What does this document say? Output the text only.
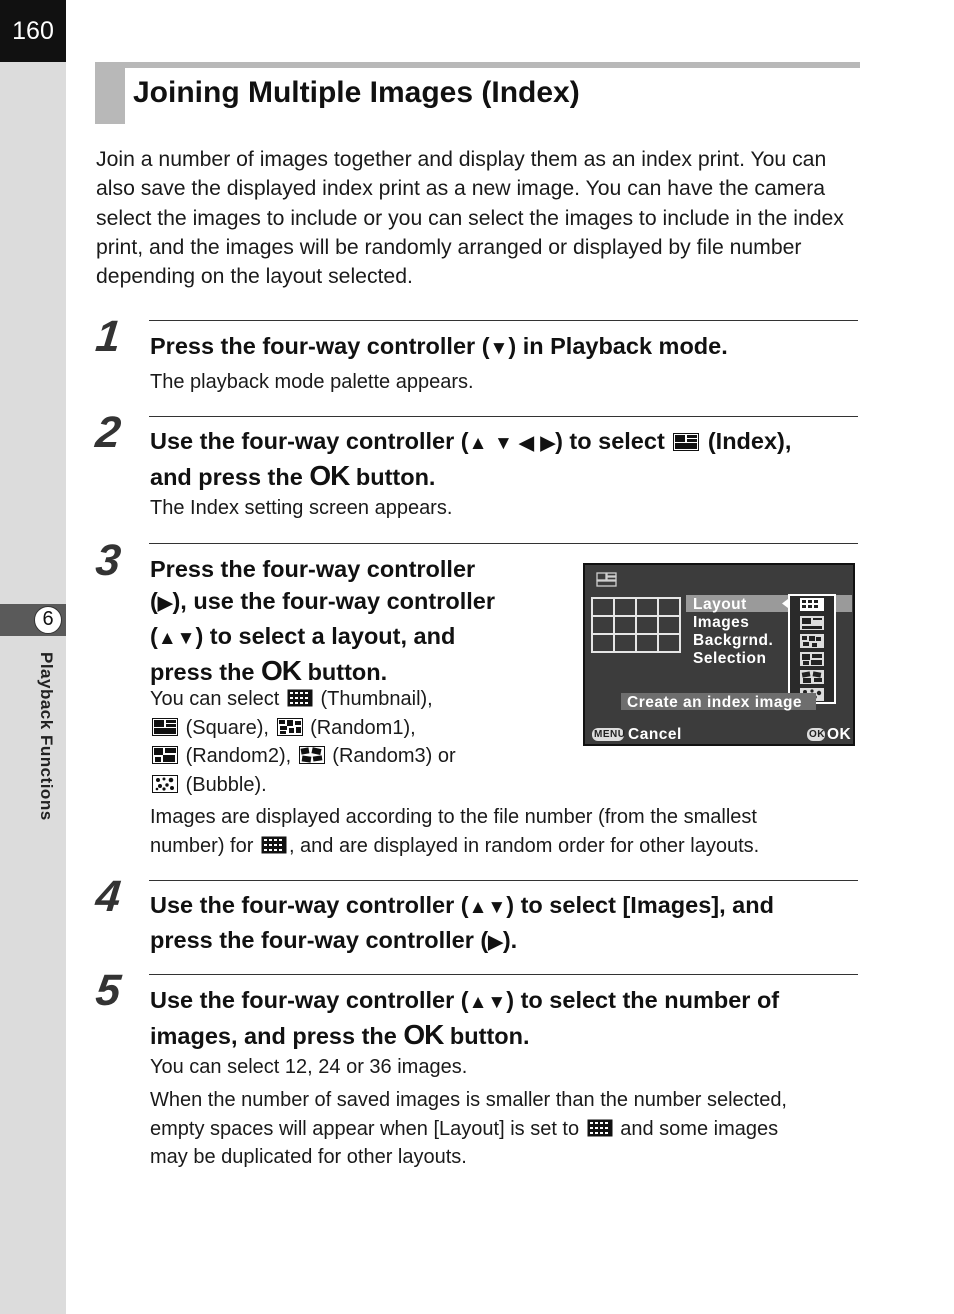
160
6
Playback Functions
Joining Multiple Images (Index)
Join a number of images together and display them as an index print. You can also save the displayed index print as a new image. You can have the camera select the images to include or you can select the images to include in the index print, and the images will be randomly arranged or displayed by file number depending on the layout selected.
1 Press the four-way controller (▼) in Playback mode.
The playback mode palette appears.
2 Use the four-way controller (▲ ▼ ◀ ▶) to select (Index),
and press the OK button.
The Index setting screen appears.
3 Press the four-way controller
(▶), use the four-way controller
(▲▼) to select a layout, and
press the OK button.
You can select (Thumbnail),
(Square), (Random1),
(Random2), (Random3) or
(Bubble).
Images are displayed according to the file number (from the smallest
number) for , and are displayed in random order for other layouts.
Layout
Images
Backgrnd.
Selection
Create an index image
MENU Cancel	OK OK
4 Use the four-way controller (▲▼) to select [Images], and
press the four-way controller (▶).
5 Use the four-way controller (▲▼) to select the number of
images, and press the OK button.
You can select 12, 24 or 36 images.
When the number of saved images is smaller than the number selected,
empty spaces will appear when [Layout] is set to and some images
may be duplicated for other layouts.
